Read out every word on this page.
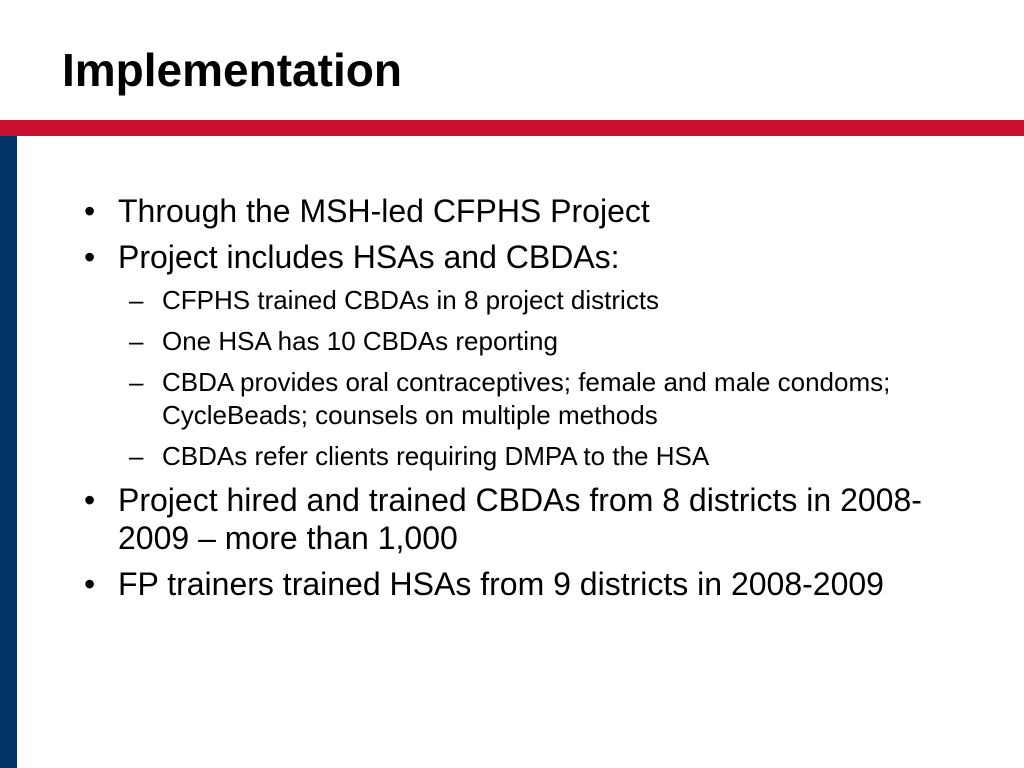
Implementation
• Through the MSH-led CFPHS Project
• Project includes HSAs and CBDAs:
– CFPHS trained CBDAs in 8 project districts
– One HSA has 10 CBDAs reporting
– CBDA provides oral contraceptives; female and male condoms; CycleBeads; counsels on multiple methods
– CBDAs refer clients requiring DMPA to the HSA
• Project hired and trained CBDAs from 8 districts in 2008-2009 – more than 1,000
• FP trainers trained HSAs from 9 districts in 2008-2009
